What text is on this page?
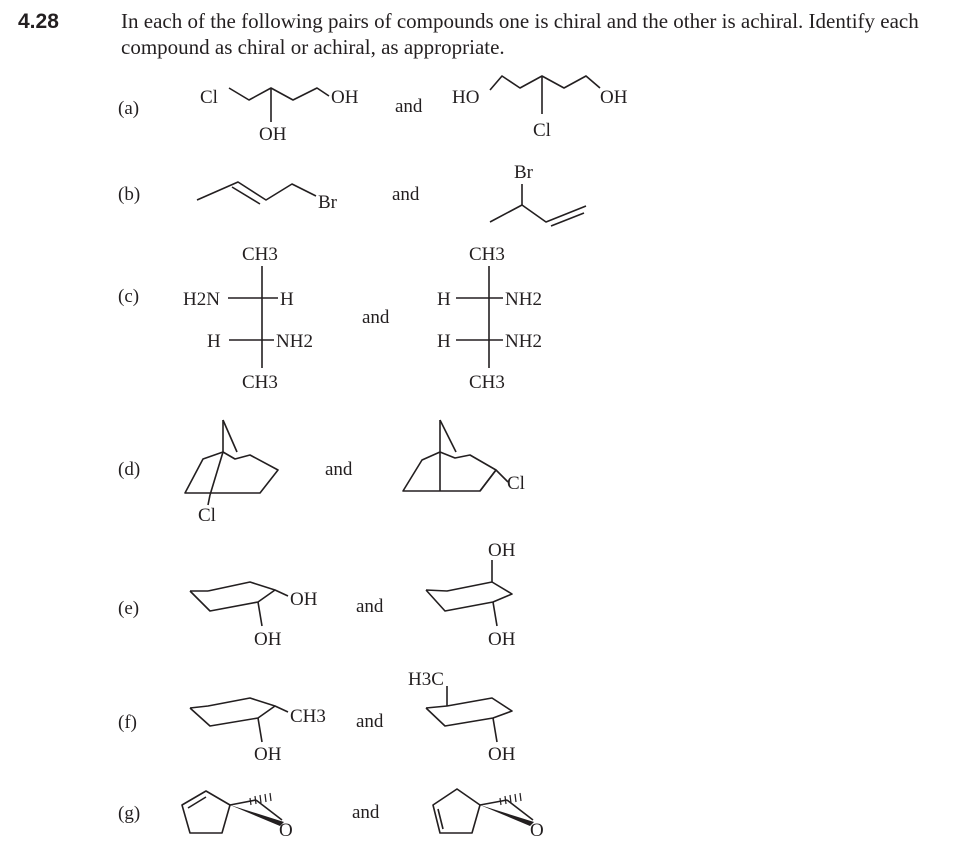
4.28	In each of the following pairs of compounds one is chiral and the other is achiral. Identify each compound as chiral or achiral, as appropriate.
(a)
(b)
(c)
(d)
(e)
(f)
(g)
and
and
and
and
and
and
and
Cl	OH
OH
HO	OH
Cl
Br
Br
CH3
H2N	H
H	NH2
CH3
CH3
H	NH2
H	NH2
CH3
Cl
Cl
OH
OH
OH
OH
CH3
OH
H3C
OH
O	O
